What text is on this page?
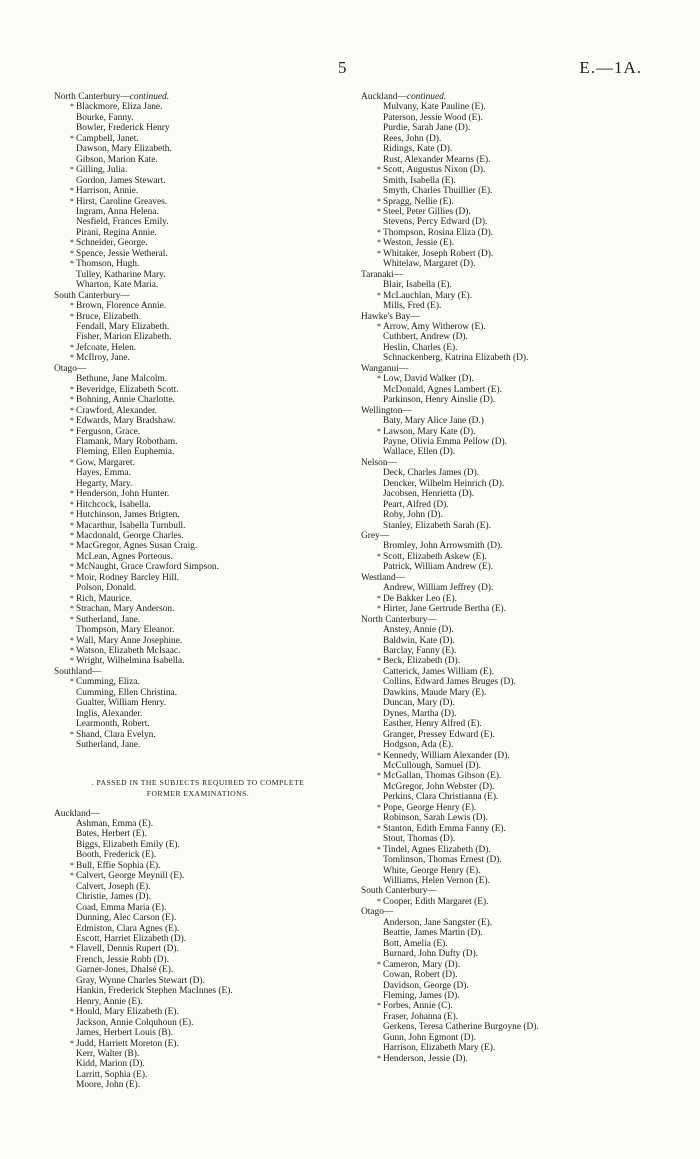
5	E.—1A.
North Canterbury—continued.
* Blackmore, Eliza Jane.
Bourke, Fanny.
Bowler, Frederick Henry
* Campbell, Janet.
Dawson, Mary Elizabeth.
Gibson, Marion Kate.
* Gilling, Julia.
Gordon, James Stewart.
* Harrison, Annie.
* Hirst, Caroline Greaves.
Ingram, Anna Helena.
Nesfield, Frances Emily.
Pirani, Regina Annie.
* Schneider, George.
* Spence, Jessie Wetheral.
* Thomson, Hugh.
Tulley, Katharine Mary.
Wharton, Kate Maria.
South Canterbury—
* Brown, Florence Annie.
* Bruce, Elizabeth.
Fendall, Mary Elizabeth.
Fisher, Marion Elizabeth.
* Jefcoate, Helen.
* McIlroy, Jane.
Otago—
Bethune, Jane Malcolm.
* Beveridge, Elizabeth Scott.
* Bohning, Annie Charlotte.
* Crawford, Alexander.
* Edwards, Mary Bradshaw.
* Ferguson, Grace.
Flamank, Mary Robotham.
Fleming, Ellen Euphemia.
* Gow, Margaret.
Hayes, Emma.
Hegarty, Mary.
* Henderson, John Hunter.
* Hitchcock, Isabella.
* Hutchinson, James Brigten.
* Macarthur, Isabella Turnbull.
* Macdonald, George Charles.
* MacGregor, Agnes Susan Craig.
McLean, Agnes Porteous.
* McNaught, Grace Crawford Simpson.
* Moir, Rodney Barcley Hill.
Polson, Donald.
* Rich, Maurice.
* Strachan, Mary Anderson.
* Sutherland, Jane.
Thompson, Mary Eleanor.
* Wall, Mary Anne Josephine.
* Watson, Elizabeth McIsaac.
* Wright, Wilhelmina Isabella.
Southland—
* Cumming, Eliza.
Cumming, Ellen Christina.
Gualter, William Henry.
Inglis, Alexander.
Learmonth, Robert.
* Shand, Clara Evelyn.
Sutherland, Jane.
. PASSED IN THE SUBJECTS REQUIRED TO COMPLETE
FORMER EXAMINATIONS.
Auckland—
Ashman, Emma (E).
Bates, Herbert (E).
Biggs, Elizabeth Emily (E).
Booth, Frederick (E).
* Bull, Effie Sophia (E).
* Calvert, George Meynill (E).
Calvert, Joseph (E).
Christie, James (D).
Coad, Emma Maria (E).
Dunning, Alec Carson (E).
Edmiston, Clara Agnes (E).
Escott, Harriet Elizabeth (D).
* Flavell, Dennis Rupert (D).
French, Jessie Robb (D).
Garner-Jones, Dhalsé (E).
Gray, Wynne Charles Stewart (D).
Hankin, Frederick Stephen MacInnes (E).
Henry, Annie (E).
* Hould, Mary Elizabeth (E).
Jackson, Annie Colquhoun (E).
James, Herbert Louis (B).
* Judd, Harriett Moreton (E).
Kerr, Walter (B).
Kidd, Marion (D).
Larritt, Sophia (E).
Moore, John (E).
Auckland—continued.
Mulvany, Kate Pauline (E).
Paterson, Jessie Wood (E).
Purdie, Sarah Jane (D).
Rees, John (D).
Ridings, Kate (D).
Rust, Alexander Mearns (E).
* Scott, Augustus Nixon (D).
Smith, Isabella (E).
Smyth, Charles Thuillier (E).
* Spragg, Nellie (E).
* Steel, Peter Gillies (D).
Stevens, Percy Edward (D).
* Thompson, Rosina Eliza (D).
* Weston, Jessie (E).
* Whitaker, Joseph Robert (D).
Whitelaw, Margaret (D).
Taranaki—
Blair, Isabella (E).
* McLauchlan, Mary (E).
Mills, Fred (E).
Hawke's Bay—
* Arrow, Amy Witherow (E).
Cuthbert, Andrew (D).
Heslin, Charles (E).
Schnackenberg, Katrina Elizabeth (D).
Wanganui—
* Low, David Walker (D).
McDonald, Agnes Lambert (E).
Parkinson, Henry Ainslie (D).
Wellington—
Baty, Mary Alice Jane (D.)
* Lawson, Mary Kate (D).
Payne, Olivia Emma Pellow (D).
Wallace, Ellen (D).
Nelson—
Deck, Charles James (D).
Dencker, Wilhelm Heinrich (D).
Jacobsen, Henrietta (D).
Peart, Alfred (D).
Roby, John (D).
Stanley, Elizabeth Sarah (E).
Grey—
Bromley, John Arrowsmith (D).
* Scott, Elizabeth Askew (E).
Patrick, William Andrew (E).
Westland—
Andrew, William Jeffrey (D).
* De Bakker Leo (E).
* Hirter, Jane Gertrude Bertha (E).
North Canterbury—
Anstey, Annie (D).
Baldwin, Kate (D).
Barclay, Fanny (E).
* Beck, Elizabeth (D).
Catterick, James William (E).
Collins, Edward James Bruges (D).
Dawkins, Maude Mary (E).
Duncan, Mary (D).
Dynes, Martha (D).
Easther, Henry Alfred (E).
Granger, Pressey Edward (E).
Hodgson, Ada (E).
* Kennedy, William Alexander (D).
McCullough, Samuel (D).
* McGallan, Thomas Gibson (E).
McGregor, John Webster (D).
Perkins, Clara Christianna (E).
* Pope, George Henry (E).
Robinson, Sarah Lewis (D).
* Stanton, Edith Emma Fanny (E).
Stout, Thomas (D).
* Tindel, Agnes Elizabeth (D).
Tomlinson, Thomas Ernest (D).
White, George Henry (E).
Williams, Helen Vernon (E).
South Canterbury—
* Cooper, Edith Margaret (E).
Otago—
Anderson, Jane Sangster (E).
Beattie, James Martin (D).
Bott, Amelia (E).
Burnard, John Dufty (D).
* Cameron, Mary (D).
Cowan, Robert (D).
Davidson, George (D).
Fleming, James (D).
* Forbes, Annie (C).
Fraser, Johanna (E).
Gerkens, Teresa Catherine Burgoyne (D).
Gunn, John Egmont (D).
Harrison, Elizabeth Mary (E).
* Henderson, Jessie (D).
